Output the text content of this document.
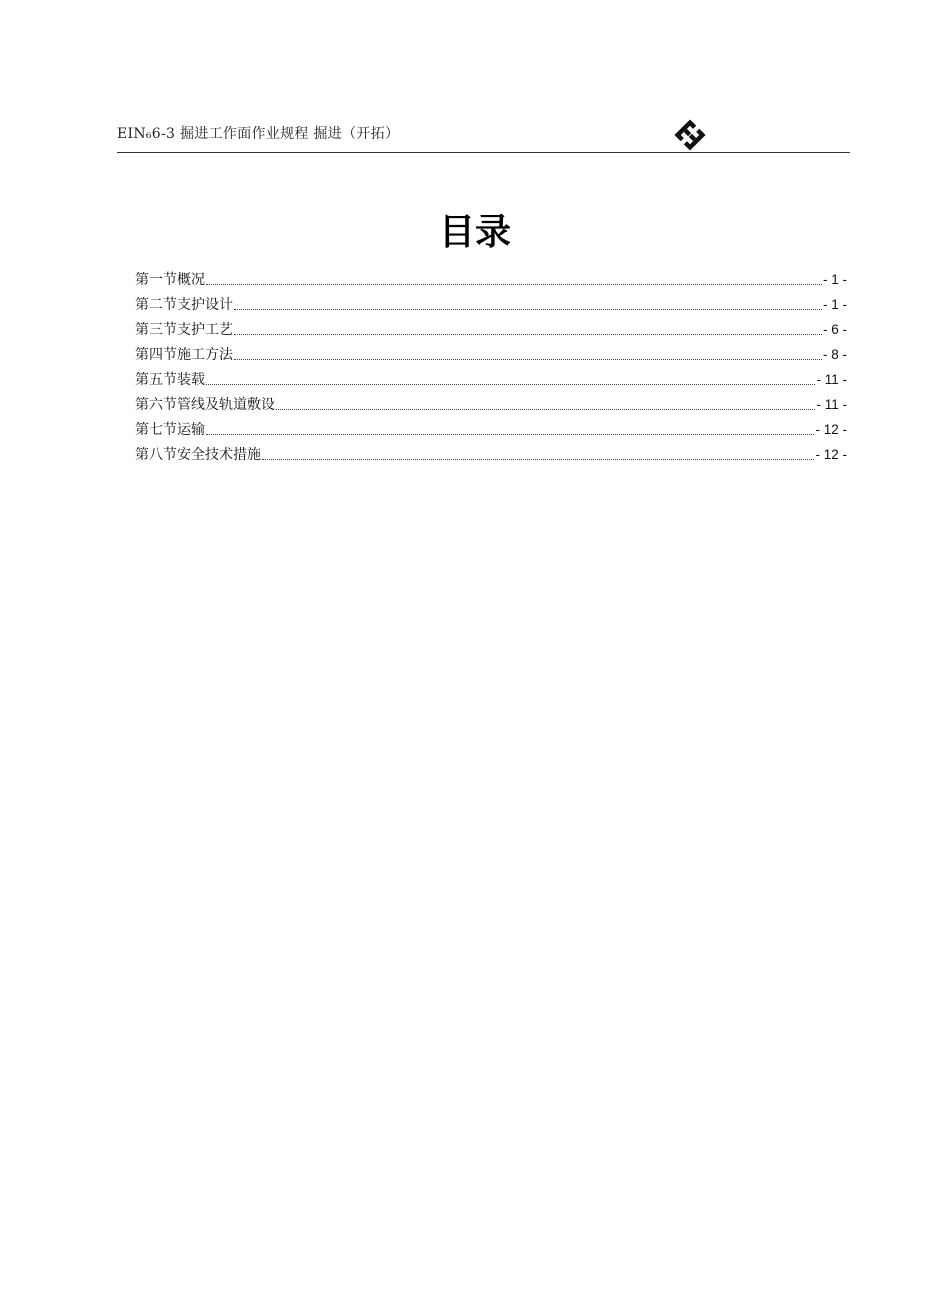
EIN₆6-3 掘进工作面作业规程 掘进（开拓）
目录
第一节概况	- 1 -
第二节支护设计	- 1 -
第三节支护工艺	- 6 -
第四节施工方法	- 8 -
第五节装载	- 11 -
第六节管线及轨道敷设	- 11 -
第七节运输	- 12 -
第八节安全技术措施	- 12 -
